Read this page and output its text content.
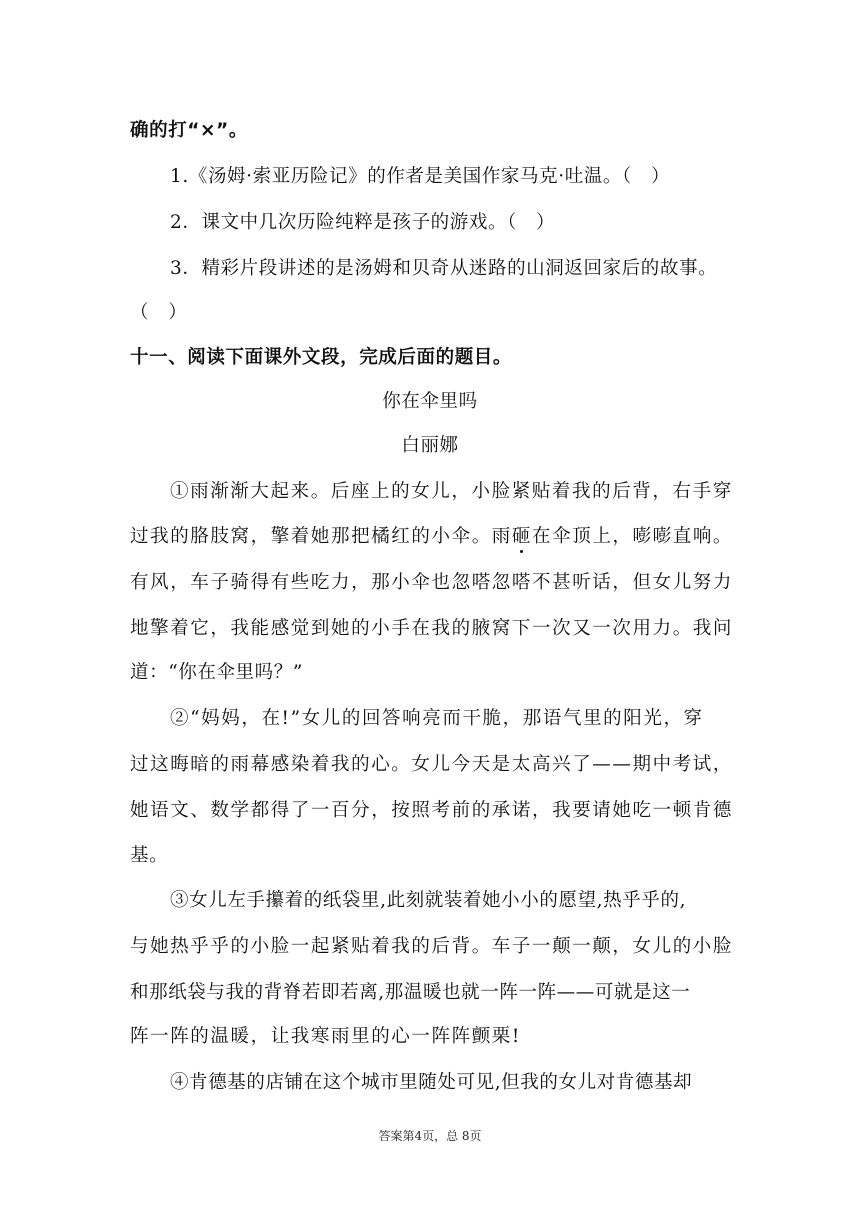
确的打“×”。
1.《汤姆·索亚历险记》的作者是美国作家马克·吐温。（　）
2．课文中几次历险纯粹是孩子的游戏。（　）
3．精彩片段讲述的是汤姆和贝奇从迷路的山洞返回家后的故事。
（　）
十一、阅读下面课外文段，完成后面的题目。
你在伞里吗
白丽娜
①雨渐渐大起来。后座上的女儿，小脸紧贴着我的后背，右手穿
过我的胳肢窝，擎着她那把橘红的小伞。雨砸在伞顶上，嘭嘭直响。
有风，车子骑得有些吃力，那小伞也忽嗒忽嗒不甚听话，但女儿努力
地擎着它，我能感觉到她的小手在我的腋窝下一次又一次用力。我问
道：“你在伞里吗？”
②“妈妈，在!”女儿的回答响亮而干脆，那语气里的阳光，穿
过这晦暗的雨幕感染着我的心。女儿今天是太高兴了——期中考试，
她语文、数学都得了一百分，按照考前的承诺，我要请她吃一顿肯德
基。
③女儿左手攥着的纸袋里,此刻就装着她小小的愿望,热乎乎的,
与她热乎乎的小脸一起紧贴着我的后背。车子一颠一颠，女儿的小脸
和那纸袋与我的背脊若即若离,那温暖也就一阵一阵——可就是这一
阵一阵的温暖，让我寒雨里的心一阵阵颤栗!
④肯德基的店铺在这个城市里随处可见,但我的女儿对肯德基却
答案第4页，总 8页
